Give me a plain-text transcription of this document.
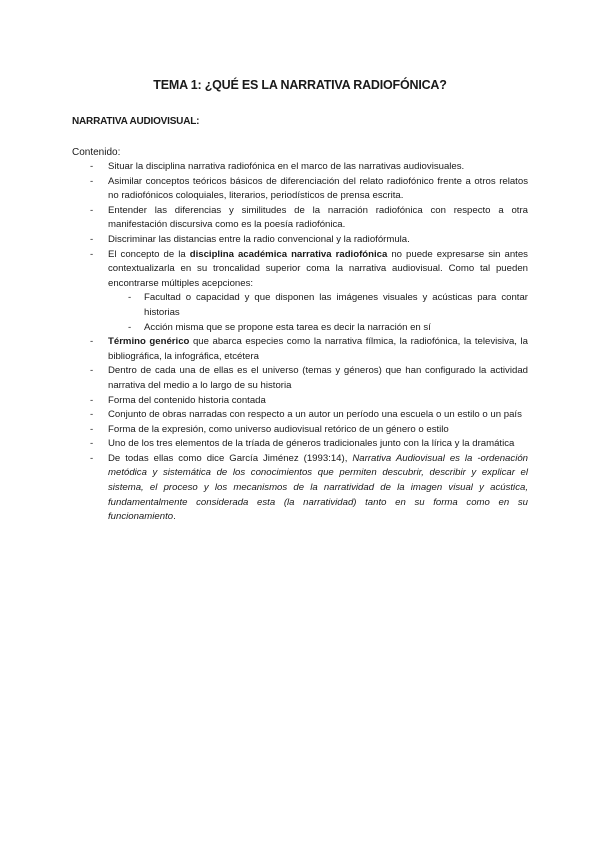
TEMA 1: ¿QUÉ ES LA NARRATIVA RADIOFÓNICA?
NARRATIVA AUDIOVISUAL:
Contenido:
- Situar la disciplina narrativa radiofónica en el marco de las narrativas audiovisuales.
- Asimilar conceptos teóricos básicos de diferenciación del relato radiofónico frente a otros relatos no radiofónicos coloquiales, literarios, periodísticos de prensa escrita.
- Entender las diferencias y similitudes de la narración radiofónica con respecto a otra manifestación discursiva como es la poesía radiofónica.
- Discriminar las distancias entre la radio convencional y la radiofórmula.
- El concepto de la disciplina académica narrativa radiofónica no puede expresarse sin antes contextualizarla en su troncalidad superior coma la narrativa audiovisual. Como tal pueden encontrarse múltiples acepciones:
- Facultad o capacidad y que disponen las imágenes visuales y acústicas para contar historias
- Acción misma que se propone esta tarea es decir la narración en sí
- Término genérico que abarca especies como la narrativa fílmica, la radiofónica, la televisiva, la bibliográfica, la infográfica, etcétera
- Dentro de cada una de ellas es el universo (temas y géneros) que han configurado la actividad narrativa del medio a lo largo de su historia
- Forma del contenido historia contada
- Conjunto de obras narradas con respecto a un autor un período una escuela o un estilo o un país
- Forma de la expresión, como universo audiovisual retórico de un género o estilo
- Uno de los tres elementos de la tríada de géneros tradicionales junto con la lírica y la dramática
- De todas ellas como dice García Jiménez (1993:14), Narrativa Audiovisual es la -ordenación metódica y sistemática de los conocimientos que permiten descubrir, describir y explicar el sistema, el proceso y los mecanismos de la narratividad de la imagen visual y acústica, fundamentalmente considerada esta (la narratividad) tanto en su forma como en su funcionamiento.
